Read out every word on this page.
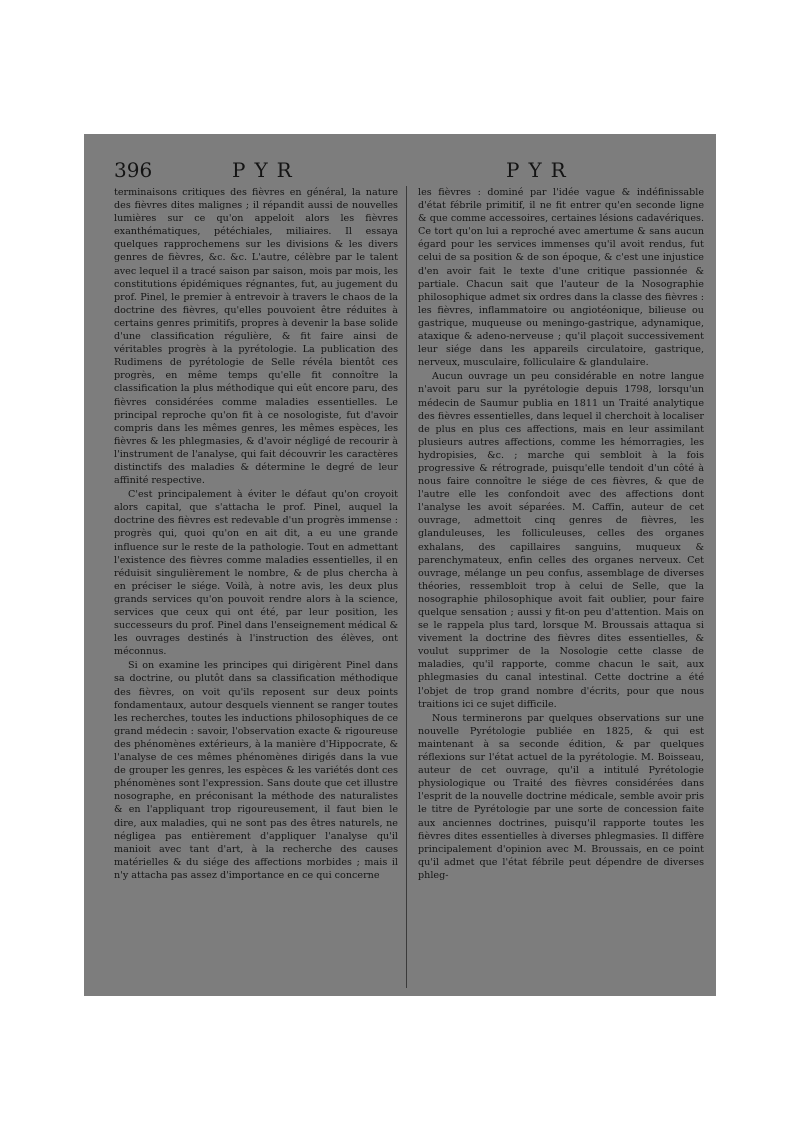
396	PYR	PYR

terminaisons critiques des fièvres en général, la nature des fièvres dites malignes ; il répandit aussi de nouvelles lumières sur ce qu'on appeloit alors les fièvres exanthématiques, pétéchiales, miliaires. Il essaya quelques rapprochemens sur les divisions & les divers genres de fièvres, &c. &c. L'autre, célèbre par le talent avec lequel il a tracé saison par saison, mois par mois, les constitutions épidémiques régnantes, fut, au jugement du prof. Pinel, le premier à entrevoir à travers le chaos de la doctrine des fièvres, qu'elles pouvoient être réduites à certains genres primitifs, propres à devenir la base solide d'une classification régulière, & fit faire ainsi de véritables progrès à la pyrétologie. La publication des Rudimens de pyrétologie de Selle révéla bientôt ces progrès, en même temps qu'elle fit connoître la classification la plus méthodique qui eût encore paru, des fièvres considérées comme maladies essentielles. Le principal reproche qu'on fit à ce nosologiste, fut d'avoir compris dans les mêmes genres, les mêmes espèces, les fièvres & les phlegmasies, & d'avoir négligé de recourir à l'instrument de l'analyse, qui fait découvrir les caractères distinctifs des maladies & détermine le degré de leur affinité respective.

C'est principalement à éviter le défaut qu'on croyoit alors capital, que s'attacha le prof. Pinel, auquel la doctrine des fièvres est redevable d'un progrès immense : progrès qui, quoi qu'on en ait dit, a eu une grande influence sur le reste de la pathologie. Tout en admettant l'existence des fièvres comme maladies essentielles, il en réduisit singulièrement le nombre, & de plus chercha à en préciser le siége. Voilà, à notre avis, les deux plus grands services qu'on pouvoit rendre alors à la science, services que ceux qui ont été, par leur position, les successeurs du prof. Pinel dans l'enseignement médical & les ouvrages destinés à l'instruction des élèves, ont méconnus.

Si on examine les principes qui dirigèrent Pinel dans sa doctrine, ou plutôt dans sa classification méthodique des fièvres, on voit qu'ils reposent sur deux points fondamentaux, autour desquels viennent se ranger toutes les recherches, toutes les inductions philosophiques de ce grand médecin : savoir, l'observation exacte & rigoureuse des phénomènes extérieurs, à la manière d'Hippocrate, & l'analyse de ces mêmes phénomènes dirigés dans la vue de grouper les genres, les espèces & les variétés dont ces phénomènes sont l'expression. Sans doute que cet illustre nosographe, en préconisant la méthode des naturalistes & en l'appliquant trop rigoureusement, il faut bien le dire, aux maladies, qui ne sont pas des êtres naturels, ne négligea pas entièrement d'appliquer l'analyse qu'il manioit avec tant d'art, à la recherche des causes matérielles & du siége des affections morbides ; mais il n'y attacha pas assez d'importance en ce qui concerne

les fièvres : dominé par l'idée vague & indéfinissable d'état fébrile primitif, il ne fit entrer qu'en seconde ligne & que comme accessoires, certaines lésions cadavériques. Ce tort qu'on lui a reproché avec amertume & sans aucun égard pour les services immenses qu'il avoit rendus, fut celui de sa position & de son époque, & c'est une injustice d'en avoir fait le texte d'une critique passionnée & partiale. Chacun sait que l'auteur de la Nosographie philosophique admet six ordres dans la classe des fièvres : les fièvres, inflammatoire ou angiotéonique, bilieuse ou gastrique, muqueuse ou meningo-gastrique, adynamique, ataxique & adeno-nerveuse ; qu'il plaçoit successivement leur siége dans les appareils circulatoire, gastrique, nerveux, musculaire, folliculaire & glandulaire.

Aucun ouvrage un peu considérable en notre langue n'avoit paru sur la pyrétologie depuis 1798, lorsqu'un médecin de Saumur publia en 1811 un Traité analytique des fièvres essentielles, dans lequel il cherchoit à localiser de plus en plus ces affections, mais en leur assimilant plusieurs autres affections, comme les hémorragies, les hydropisies, &c. ; marche qui sembloit à la fois progressive & rétrograde, puisqu'elle tendoit d'un côté à nous faire connoître le siége de ces fièvres, & que de l'autre elle les confondoit avec des affections dont l'analyse les avoit séparées. M. Caffin, auteur de cet ouvrage, admettoit cinq genres de fièvres, les glanduleuses, les folliculeuses, celles des organes exhalans, des capillaires sanguins, muqueux & parenchymateux, enfin celles des organes nerveux. Cet ouvrage, mélange un peu confus, assemblage de diverses théories, ressembloit trop à celui de Selle, que la nosographie philosophique avoit fait oublier, pour faire quelque sensation ; aussi y fit-on peu d'attention. Mais on se le rappela plus tard, lorsque M. Broussais attaqua si vivement la doctrine des fièvres dites essentielles, & voulut supprimer de la Nosologie cette classe de maladies, qu'il rapporte, comme chacun le sait, aux phlegmasies du canal intestinal. Cette doctrine a été l'objet de trop grand nombre d'écrits, pour que nous traitions ici ce sujet difficile.

Nous terminerons par quelques observations sur une nouvelle Pyrétologie publiée en 1825, & qui est maintenant à sa seconde édition, & par quelques réflexions sur l'état actuel de la pyrétologie. M. Boisseau, auteur de cet ouvrage, qu'il a intitulé Pyrétologie physiologique ou Traité des fièvres considérées dans l'esprit de la nouvelle doctrine médicale, semble avoir pris le titre de Pyrétologie par une sorte de concession faite aux anciennes doctrines, puisqu'il rapporte toutes les fièvres dites essentielles à diverses phlegmasies. Il diffère principalement d'opinion avec M. Broussais, en ce point qu'il admet que l'état fébrile peut dépendre de diverses phleg-
